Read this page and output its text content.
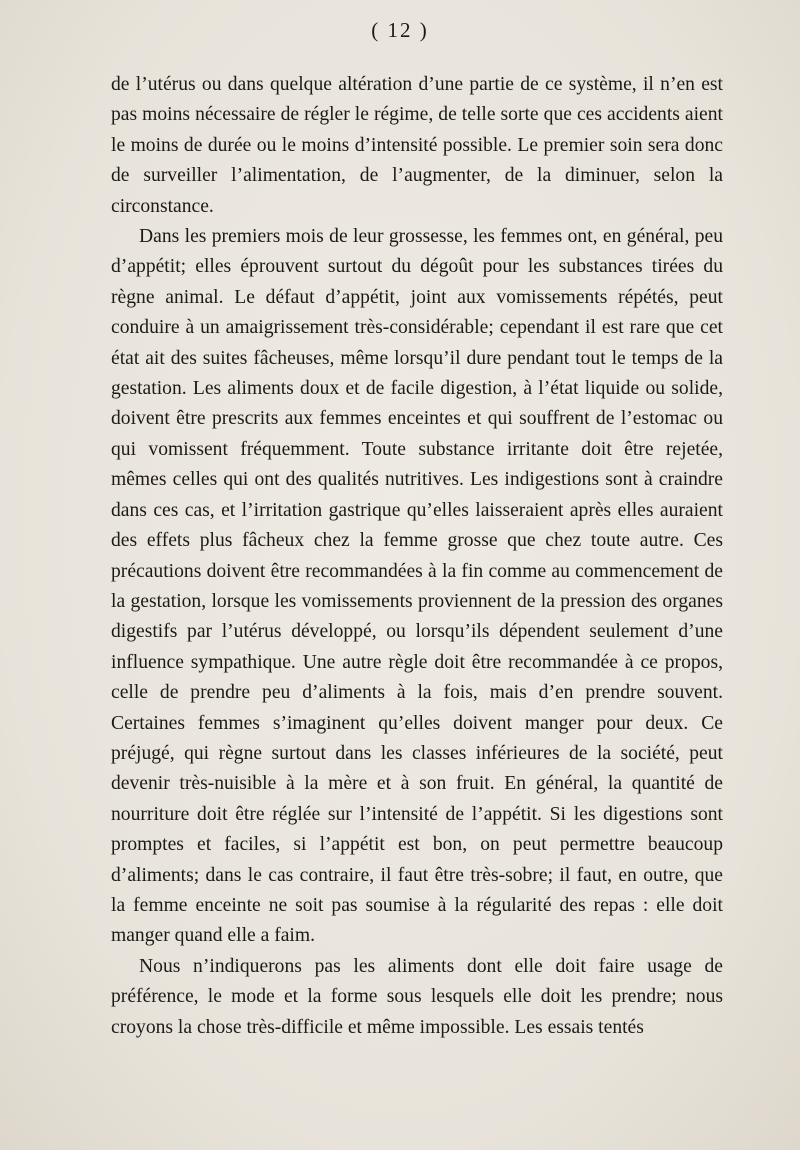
( 12 )

de l’utérus ou dans quelque altération d’une partie de ce système, il n’en est pas moins nécessaire de régler le régime, de telle sorte que ces accidents aient le moins de durée ou le moins d’intensité possible. Le premier soin sera donc de surveiller l’alimentation, de l’augmenter, de la diminuer, selon la circonstance.

Dans les premiers mois de leur grossesse, les femmes ont, en général, peu d’appétit; elles éprouvent surtout du dégoût pour les substances tirées du règne animal. Le défaut d’appétit, joint aux vomissements répétés, peut conduire à un amaigrissement très-considérable; cependant il est rare que cet état ait des suites fâcheuses, même lorsqu’il dure pendant tout le temps de la gestation. Les aliments doux et de facile digestion, à l’état liquide ou solide, doivent être prescrits aux femmes enceintes et qui souffrent de l’estomac ou qui vomissent fréquemment. Toute substance irritante doit être rejetée, mêmes celles qui ont des qualités nutritives. Les indigestions sont à craindre dans ces cas, et l’irritation gastrique qu’elles laisseraient après elles auraient des effets plus fâcheux chez la femme grosse que chez toute autre. Ces précautions doivent être recommandées à la fin comme au commencement de la gestation, lorsque les vomissements proviennent de la pression des organes digestifs par l’utérus développé, ou lorsqu’ils dépendent seulement d’une influence sympathique. Une autre règle doit être recommandée à ce propos, celle de prendre peu d’aliments à la fois, mais d’en prendre souvent. Certaines femmes s’imaginent qu’elles doivent manger pour deux. Ce préjugé, qui règne surtout dans les classes inférieures de la société, peut devenir très-nuisible à la mère et à son fruit. En général, la quantité de nourriture doit être réglée sur l’intensité de l’appétit. Si les digestions sont promptes et faciles, si l’appétit est bon, on peut permettre beaucoup d’aliments; dans le cas contraire, il faut être très-sobre; il faut, en outre, que la femme enceinte ne soit pas soumise à la régularité des repas : elle doit manger quand elle a faim.

Nous n’indiquerons pas les aliments dont elle doit faire usage de préférence, le mode et la forme sous lesquels elle doit les prendre; nous croyons la chose très-difficile et même impossible. Les essais tentés
